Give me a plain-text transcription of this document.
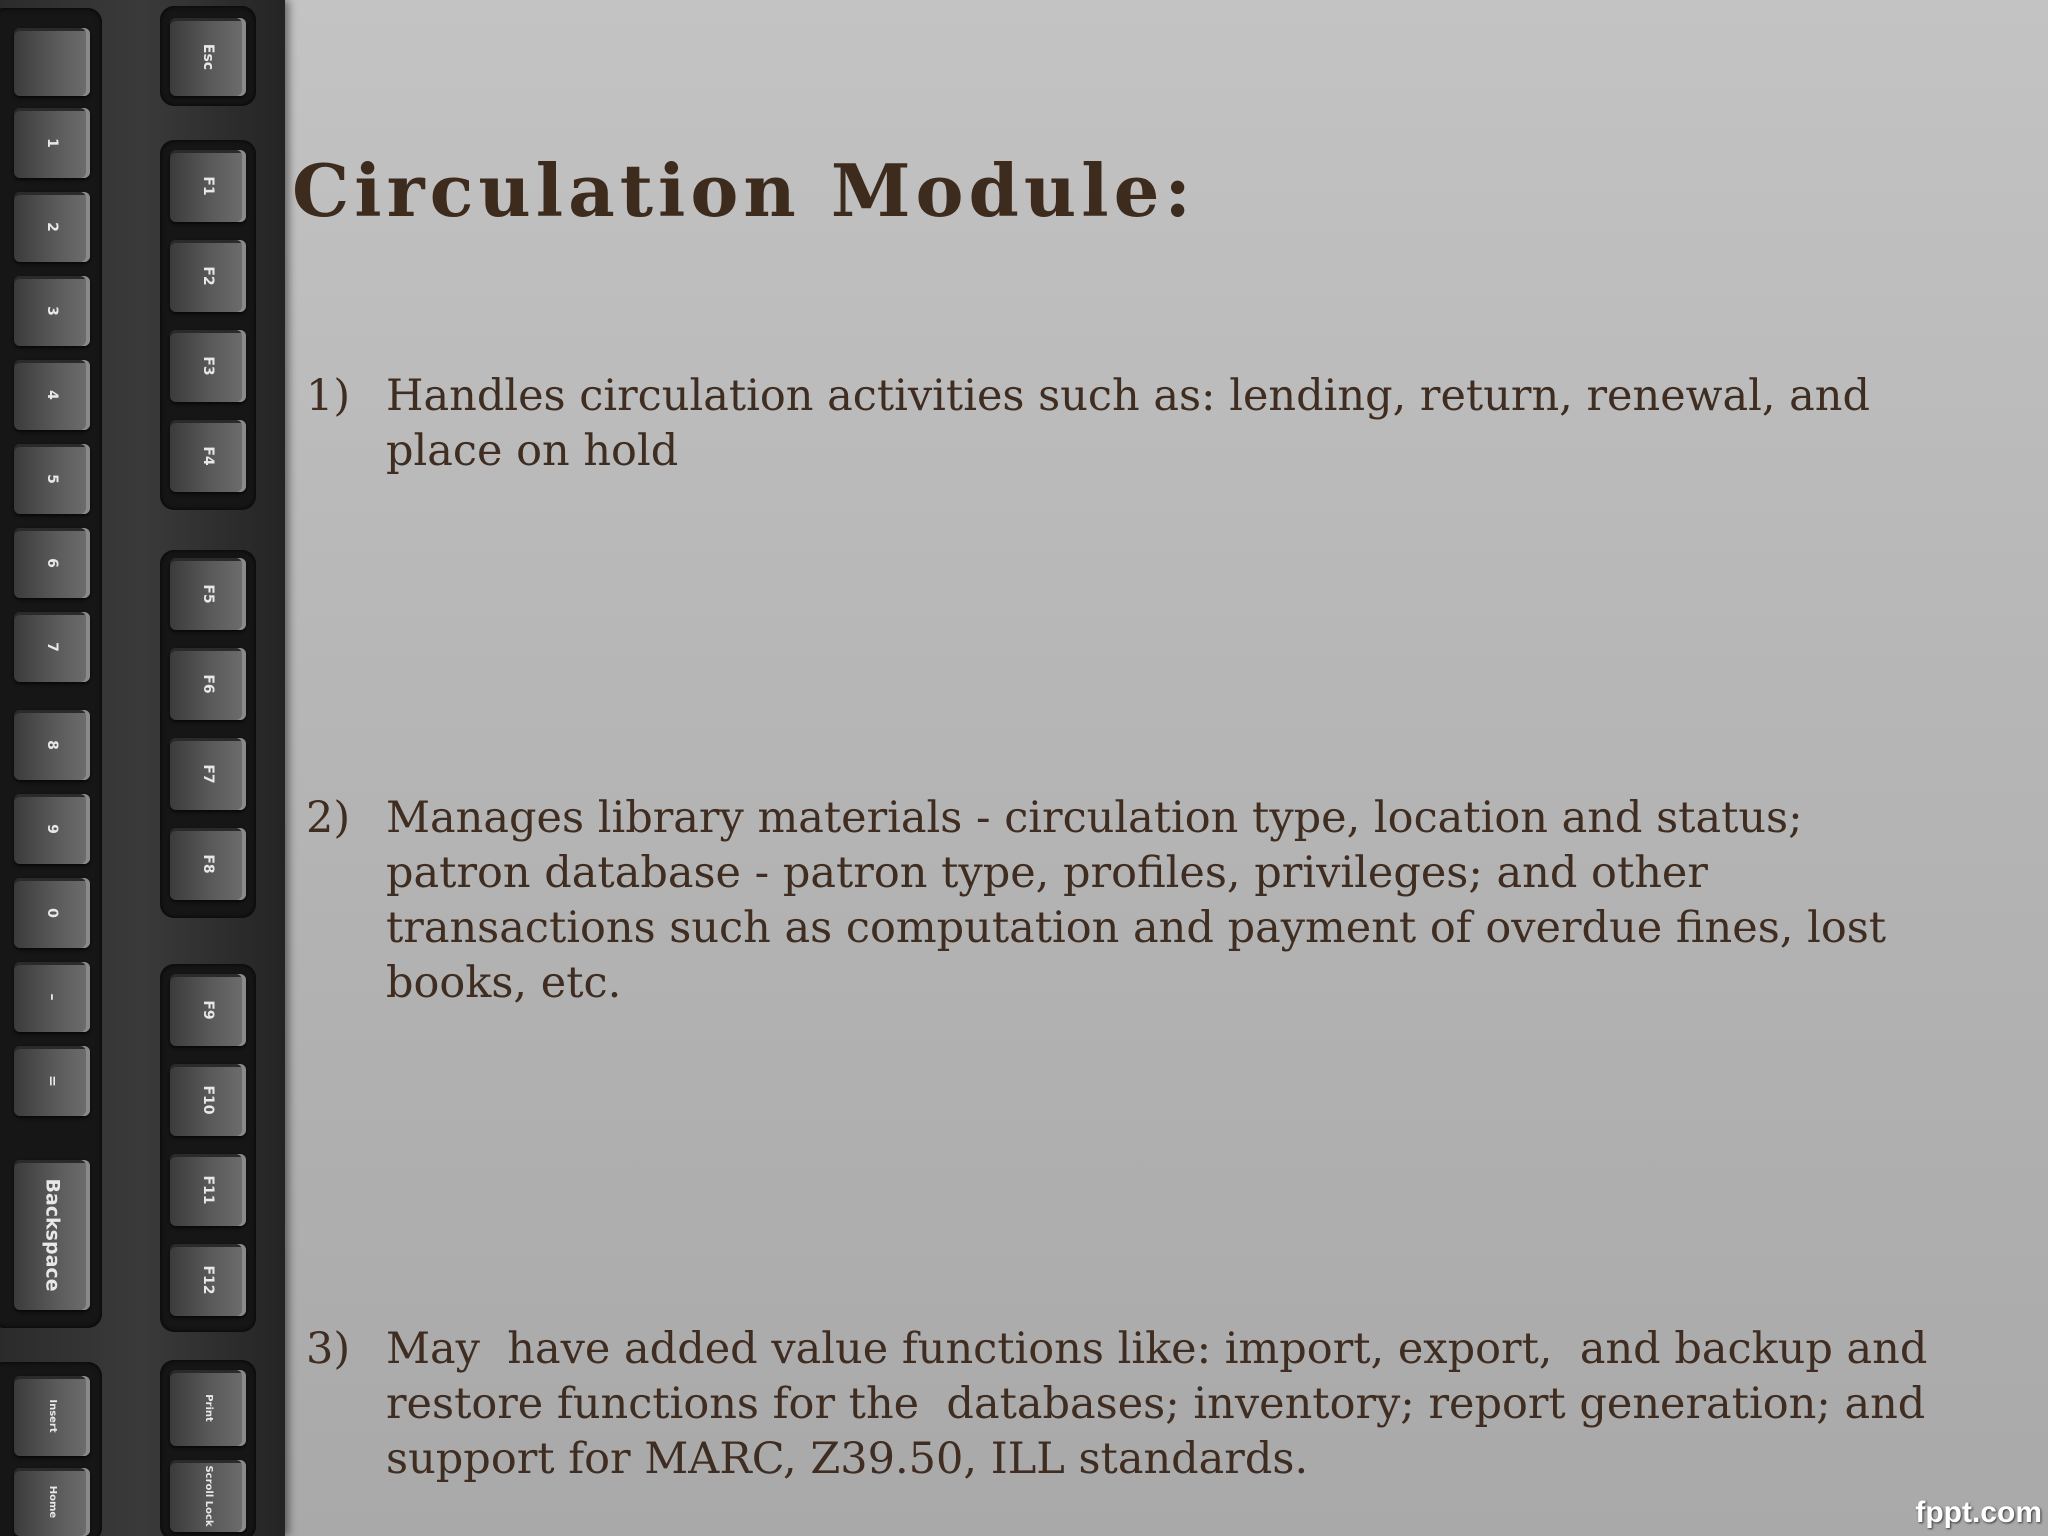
1
2
3
4
5
6
7
8
9
0
–
=
Backspace
Insert
Home
Esc
F1
F2
F3
F4
F5
F6
F7
F8
F9
F10
F11
F12
Print
Scroll Lock
Circulation Module:
1) Handles circulation activities such as: lending, return, renewal, and place on hold
2) Manages library materials - circulation type, location and status; patron database - patron type, profiles, privileges; and other transactions such as computation and payment of overdue fines, lost books, etc.
3) May  have added value functions like: import, export,  and backup and restore functions for the  databases; inventory; report generation; and support for MARC, Z39.50, ILL standards.
fppt.com
